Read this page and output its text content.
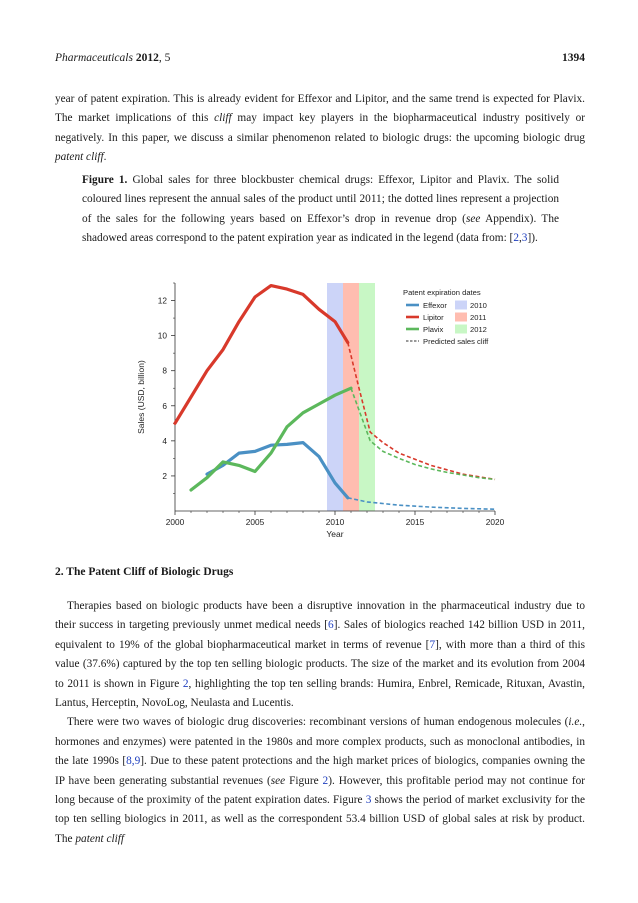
Pharmaceuticals 2012, 5	1394

year of patent expiration. This is already evident for Effexor and Lipitor, and the same trend is expected for Plavix. The market implications of this cliff may impact key players in the biopharmaceutical industry positively or negatively. In this paper, we discuss a similar phenomenon related to biologic drugs: the upcoming biologic drug patent cliff.

Figure 1. Global sales for three blockbuster chemical drugs: Effexor, Lipitor and Plavix. The solid coloured lines represent the annual sales of the product until 2011; the dotted lines represent a projection of the sales for the following years based on Effexor’s drop in revenue drop (see Appendix). The shadowed areas correspond to the patent expiration year as indicated in the legend (data from: [2,3]).
2000	2005	2010	2015	2020
2
4
6
8
10
12
Year
Sales (USD, billion)
Patent expiration dates
Effexor	2010
Lipitor	2011
Plavix	2012
Predicted sales cliff
2. The Patent Cliff of Biologic Drugs

Therapies based on biologic products have been a disruptive innovation in the pharmaceutical industry due to their success in targeting previously unmet medical needs [6]. Sales of biologics reached 142 billion USD in 2011, equivalent to 19% of the global biopharmaceutical market in terms of revenue [7], with more than a third of this value (37.6%) captured by the top ten selling biologic products. The size of the market and its evolution from 2004 to 2011 is shown in Figure 2, highlighting the top ten selling brands: Humira, Enbrel, Remicade, Rituxan, Avastin, Lantus, Herceptin, NovoLog, Neulasta and Lucentis.

There were two waves of biologic drug discoveries: recombinant versions of human endogenous molecules (i.e., hormones and enzymes) were patented in the 1980s and more complex products, such as monoclonal antibodies, in the late 1990s [8,9]. Due to these patent protections and the high market prices of biologics, companies owning the IP have been generating substantial revenues (see Figure 2). However, this profitable period may not continue for long because of the proximity of the patent expiration dates. Figure 3 shows the period of market exclusivity for the top ten selling biologics in 2011, as well as the correspondent 53.4 billion USD of global sales at risk by product. The patent cliff
